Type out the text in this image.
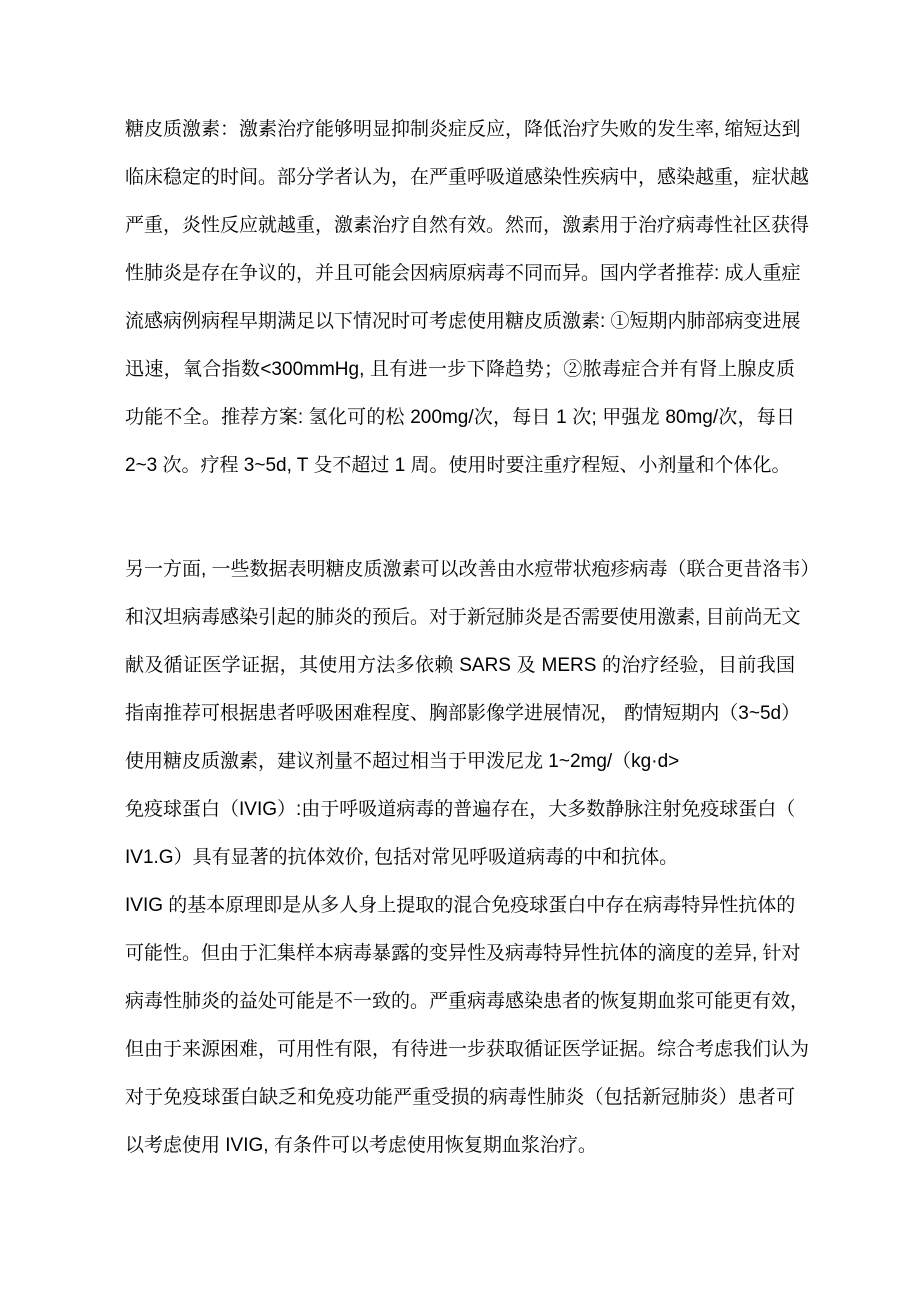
糖皮质激素：激素治疗能够明显抑制炎症反应，降低治疗失败的发生率, 缩短达到
临床稳定的时间。部分学者认为，在严重呼吸道感染性疾病中，感染越重，症状越
严重，炎性反应就越重，激素治疗自然有效。然而，激素用于治疗病毒性社区获得
性肺炎是存在争议的，并且可能会因病原病毒不同而异。国内学者推荐: 成人重症
流感病例病程早期满足以下情况时可考虑使用糖皮质激素: ①短期内肺部病变进展
迅速，氧合指数<300mmHg, 且有进一步下降趋势；②脓毒症合并有肾上腺皮质
功能不全。推荐方案: 氢化可的松 200mg/次，每日 1 次; 甲强龙 80mg/次，每日
2~3 次。疗程 3~5d, T 殳不超过 1 周。使用时要注重疗程短、小剂量和个体化。
另一方面, 一些数据表明糖皮质激素可以改善由水痘带状疱疹病毒（联合更昔洛韦）
和汉坦病毒感染引起的肺炎的预后。对于新冠肺炎是否需要使用激素, 目前尚无文
献及循证医学证据，其使用方法多依赖 SARS 及 MERS 的治疗经验，目前我国
指南推荐可根据患者呼吸困难程度、胸部影像学进展情况， 酌情短期内（3~5d）
使用糖皮质激素，建议剂量不超过相当于甲泼尼龙 1~2mg/（kg·d>
免疫球蛋白（IVIG）:由于呼吸道病毒的普遍存在，大多数静脉注射免疫球蛋白（
IV1.G）具有显著的抗体效价, 包括对常见呼吸道病毒的中和抗体。
IVIG 的基本原理即是从多人身上提取的混合免疫球蛋白中存在病毒特异性抗体的
可能性。但由于汇集样本病毒暴露的变异性及病毒特异性抗体的滴度的差异, 针对
病毒性肺炎的益处可能是不一致的。严重病毒感染患者的恢复期血浆可能更有效，
但由于来源困难，可用性有限，有待进一步获取循证医学证据。综合考虑我们认为
对于免疫球蛋白缺乏和免疫功能严重受损的病毒性肺炎（包括新冠肺炎）患者可
以考虑使用 IVIG, 有条件可以考虑使用恢复期血浆治疗。
